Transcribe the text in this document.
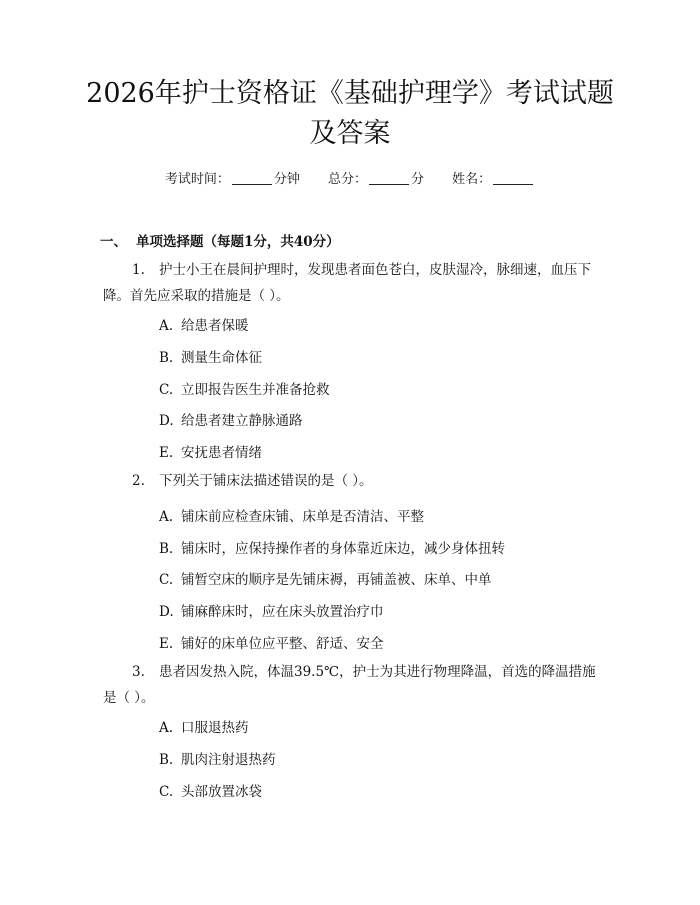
2026年护士资格证《基础护理学》考试试题
及答案
考试时间：	分钟 总分：	分 姓名：
一、 单项选择题（每题1分，共40分）
1. 护士小王在晨间护理时，发现患者面色苍白，皮肤湿冷，脉细速，血压下降。首先应采取的措施是（ ）。
A. 给患者保暖
B. 测量生命体征
C. 立即报告医生并准备抢救
D. 给患者建立静脉通路
E. 安抚患者情绪
2. 下列关于铺床法描述错误的是（ ）。
A. 铺床前应检查床铺、床单是否清洁、平整
B. 铺床时，应保持操作者的身体靠近床边，减少身体扭转
C. 铺暂空床的顺序是先铺床褥，再铺盖被、床单、中单
D. 铺麻醉床时，应在床头放置治疗巾
E. 铺好的床单位应平整、舒适、安全
3. 患者因发热入院，体温39.5℃，护士为其进行物理降温，首选的降温措施是（ ）。
A. 口服退热药
B. 肌肉注射退热药
C. 头部放置冰袋
